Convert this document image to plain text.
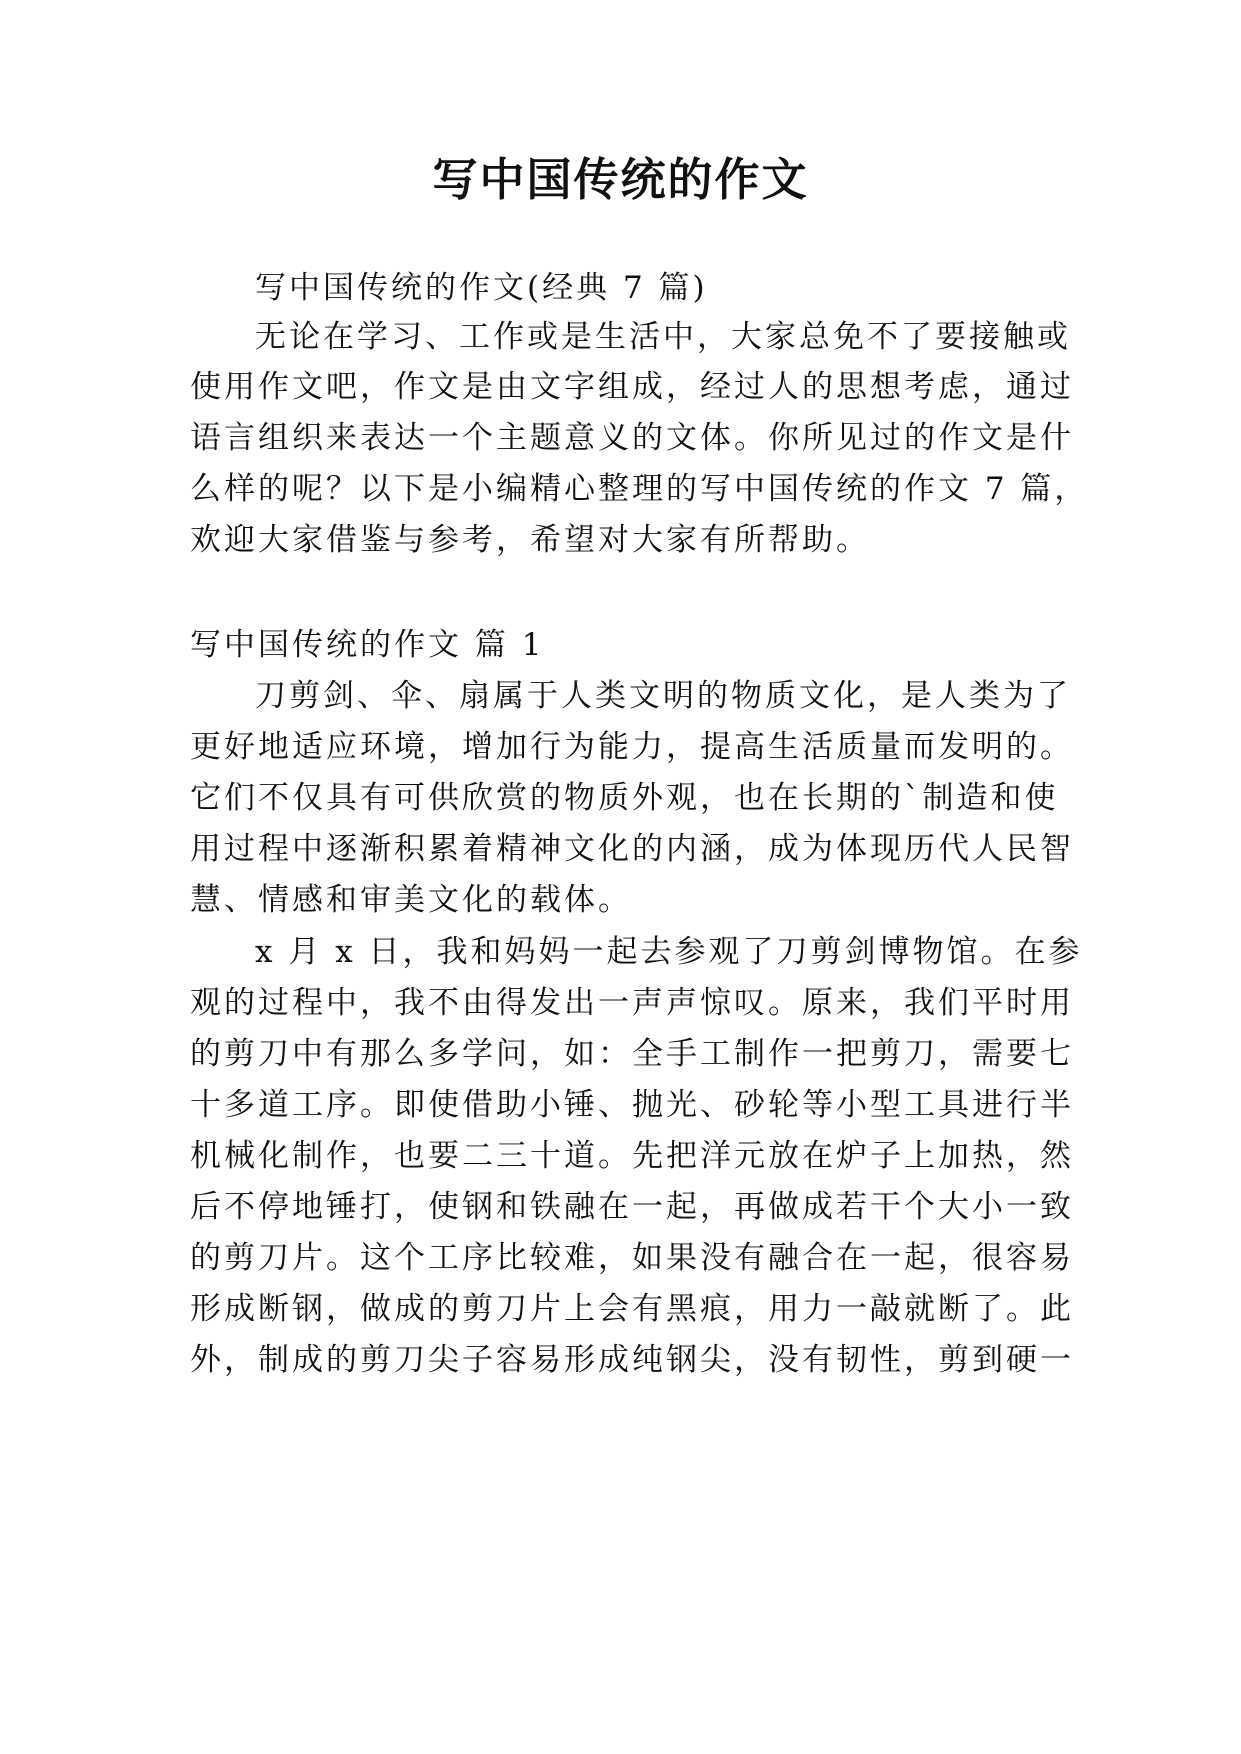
写中国传统的作文
写中国传统的作文(经典 7 篇)
无论在学习、工作或是生活中，大家总免不了要接触或
使用作文吧，作文是由文字组成，经过人的思想考虑，通过
语言组织来表达一个主题意义的文体。你所见过的作文是什
么样的呢？以下是小编精心整理的写中国传统的作文 7 篇，
欢迎大家借鉴与参考，希望对大家有所帮助。
写中国传统的作文 篇 1
刀剪剑、伞、扇属于人类文明的物质文化，是人类为了
更好地适应环境，增加行为能力，提高生活质量而发明的。
它们不仅具有可供欣赏的物质外观，也在长期的`制造和使
用过程中逐渐积累着精神文化的内涵，成为体现历代人民智
慧、情感和审美文化的载体。
x 月 x 日，我和妈妈一起去参观了刀剪剑博物馆。在参
观的过程中，我不由得发出一声声惊叹。原来，我们平时用
的剪刀中有那么多学问，如：全手工制作一把剪刀，需要七
十多道工序。即使借助小锤、抛光、砂轮等小型工具进行半
机械化制作，也要二三十道。先把洋元放在炉子上加热，然
后不停地锤打，使钢和铁融在一起，再做成若干个大小一致
的剪刀片。这个工序比较难，如果没有融合在一起，很容易
形成断钢，做成的剪刀片上会有黑痕，用力一敲就断了。此
外，制成的剪刀尖子容易形成纯钢尖，没有韧性，剪到硬一
